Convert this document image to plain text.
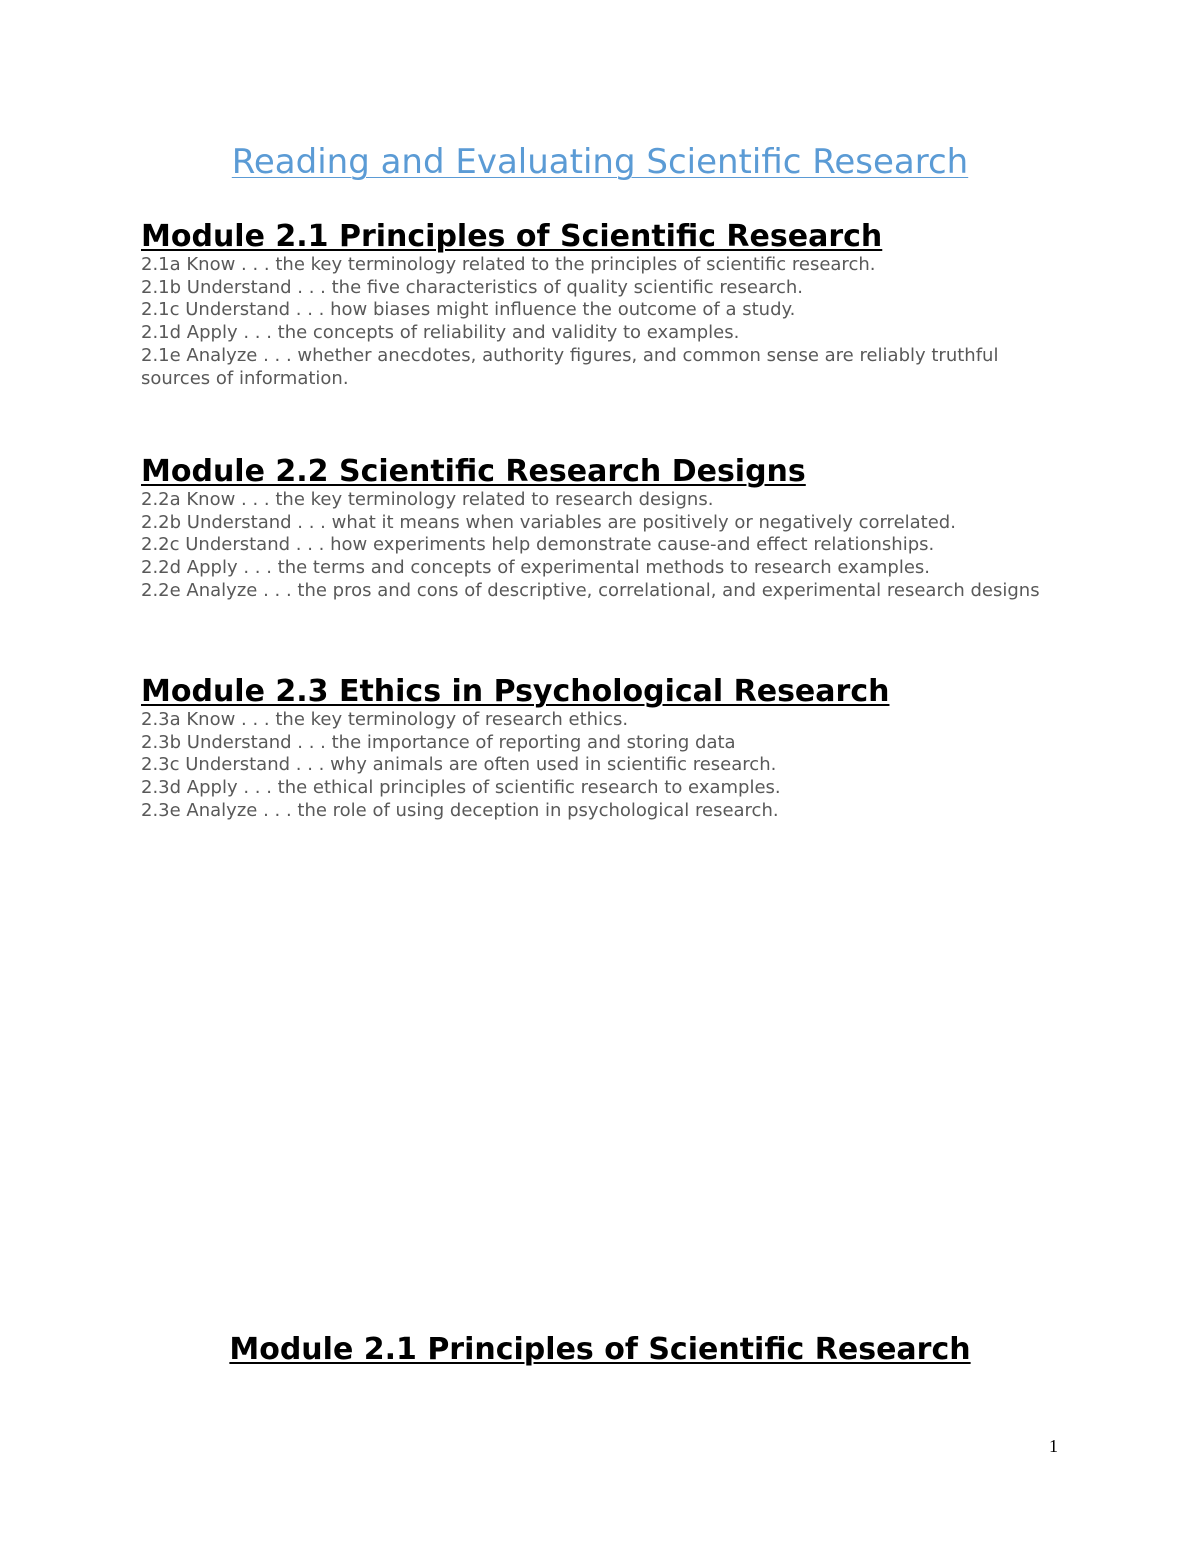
Reading and Evaluating Scientific Research
Module 2.1 Principles of Scientific Research
2.1a Know . . . the key terminology related to the principles of scientific research.
2.1b Understand . . . the five characteristics of quality scientific research.
2.1c Understand . . . how biases might influence the outcome of a study.
2.1d Apply . . . the concepts of reliability and validity to examples.
2.1e Analyze . . . whether anecdotes, authority figures, and common sense are reliably truthful sources of information.
Module 2.2 Scientific Research Designs
2.2a Know . . . the key terminology related to research designs.
2.2b Understand . . . what it means when variables are positively or negatively correlated.
2.2c Understand . . . how experiments help demonstrate cause-and effect relationships.
2.2d Apply . . . the terms and concepts of experimental methods to research examples.
2.2e Analyze . . . the pros and cons of descriptive, correlational, and experimental research designs
Module 2.3 Ethics in Psychological Research
2.3a Know . . . the key terminology of research ethics.
2.3b Understand . . . the importance of reporting and storing data
2.3c Understand . . . why animals are often used in scientific research.
2.3d Apply . . . the ethical principles of scientific research to examples.
2.3e Analyze . . . the role of using deception in psychological research.
Module 2.1 Principles of Scientific Research
1
